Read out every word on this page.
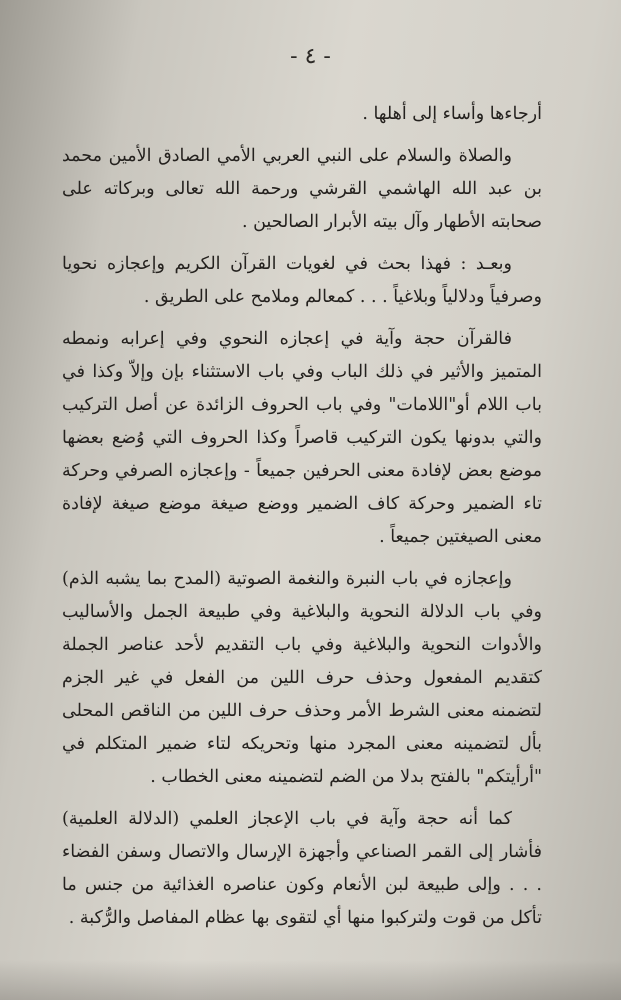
- ٤ -

أرجاءها وأساء إلى أهلها .

والصلاة والسلام على النبي العربي الأمي الصادق الأمين محمد بن عبد الله الهاشمي القرشي ورحمة الله تعالى وبركاته على صحابته الأطهار وآل بيته الأبرار الصالحين .

وبعـد : فهذا بحث في لغويات القرآن الكريم وإعجازه نحويا وصرفياً ودلالياً وبلاغياً . . . كمعالم وملامح على الطريق .

فالقرآن حجة وآية في إعجازه النحوي وفي إعرابه ونمطه المتميز والأثير في ذلك الباب وفي باب الاستثناء بإن وإلاّ وكذا في باب اللام أو"اللامات" وفي باب الحروف الزائدة عن أصل التركيب والتي بدونها يكون التركيب قاصراً وكذا الحروف التي وُضع بعضها موضع بعض لإفادة معنى الحرفين جميعاً - وإعجازه الصرفي وحركة تاء الضمير وحركة كاف الضمير ووضع صيغة موضع صيغة لإفادة معنى الصيغتين جميعاً .

وإعجازه في باب النبرة والنغمة الصوتية (المدح بما يشبه الذم) وفي باب الدلالة النحوية والبلاغية وفي طبيعة الجمل والأساليب والأدوات النحوية والبلاغية وفي باب التقديم لأحد عناصر الجملة كتقديم المفعول وحذف حرف اللين من الفعل في غير الجزم لتضمنه معنى الشرط الأمر وحذف حرف اللين من الناقص المحلى بأل لتضمينه معنى المجرد منها وتحريكه لتاء ضمير المتكلم في "أرأيتكم" بالفتح بدلا من الضم لتضمينه معنى الخطاب .

كما أنه حجة وآية في باب الإعجاز العلمي (الدلالة العلمية) فأشار إلى القمر الصناعي وأجهزة الإرسال والاتصال وسفن الفضاء . . . وإلى طبيعة لبن الأنعام وكون عناصره الغذائية من جنس ما تأكل من قوت ولتركبوا منها أي لتقوى بها عظام المفاصل والرُّكبة .
